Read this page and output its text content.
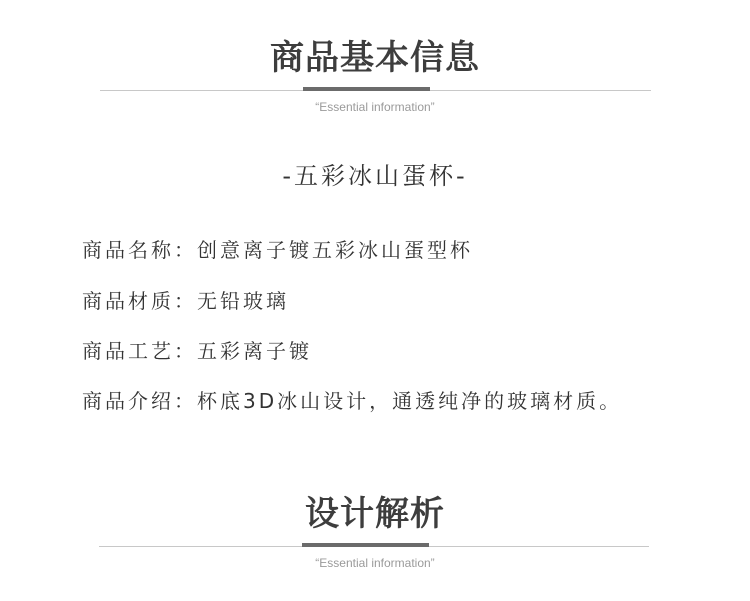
商品基本信息
“Essential information”
-五彩冰山蛋杯-
商品名称：创意离子镀五彩冰山蛋型杯
商品材质：无铅玻璃
商品工艺：五彩离子镀
商品介绍：杯底3D冰山设计，通透纯净的玻璃材质。
设计解析
“Essential information”
